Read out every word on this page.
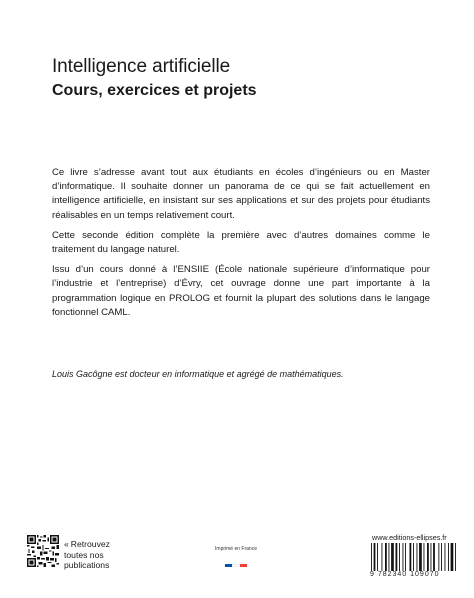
Intelligence artificielle
Cours, exercices et projets

Ce livre s’adresse avant tout aux étudiants en écoles d’ingénieurs ou en Master d’informatique. Il souhaite donner un panorama de ce qui se fait actuellement en intelligence artificielle, en insistant sur ses applications et sur des projets pour étudiants réalisables en un temps relativement court.

Cette seconde édition complète la première avec d’autres domaines comme le traitement du langage naturel.

Issu d’un cours donné à l’ENSIIE (École nationale supérieure d’informatique pour l’industrie et l’entreprise) d’Évry, cet ouvrage donne une part importante à la programmation logique en PROLOG et fournit la plupart des solutions dans le langage fonctionnel CAML.

Louis Gacôgne est docteur en informatique et agrégé de mathématiques.

« Retrouvez
toutes nos
publications
Imprimé en France
www.editions-ellipses.fr
9 782340 109070
